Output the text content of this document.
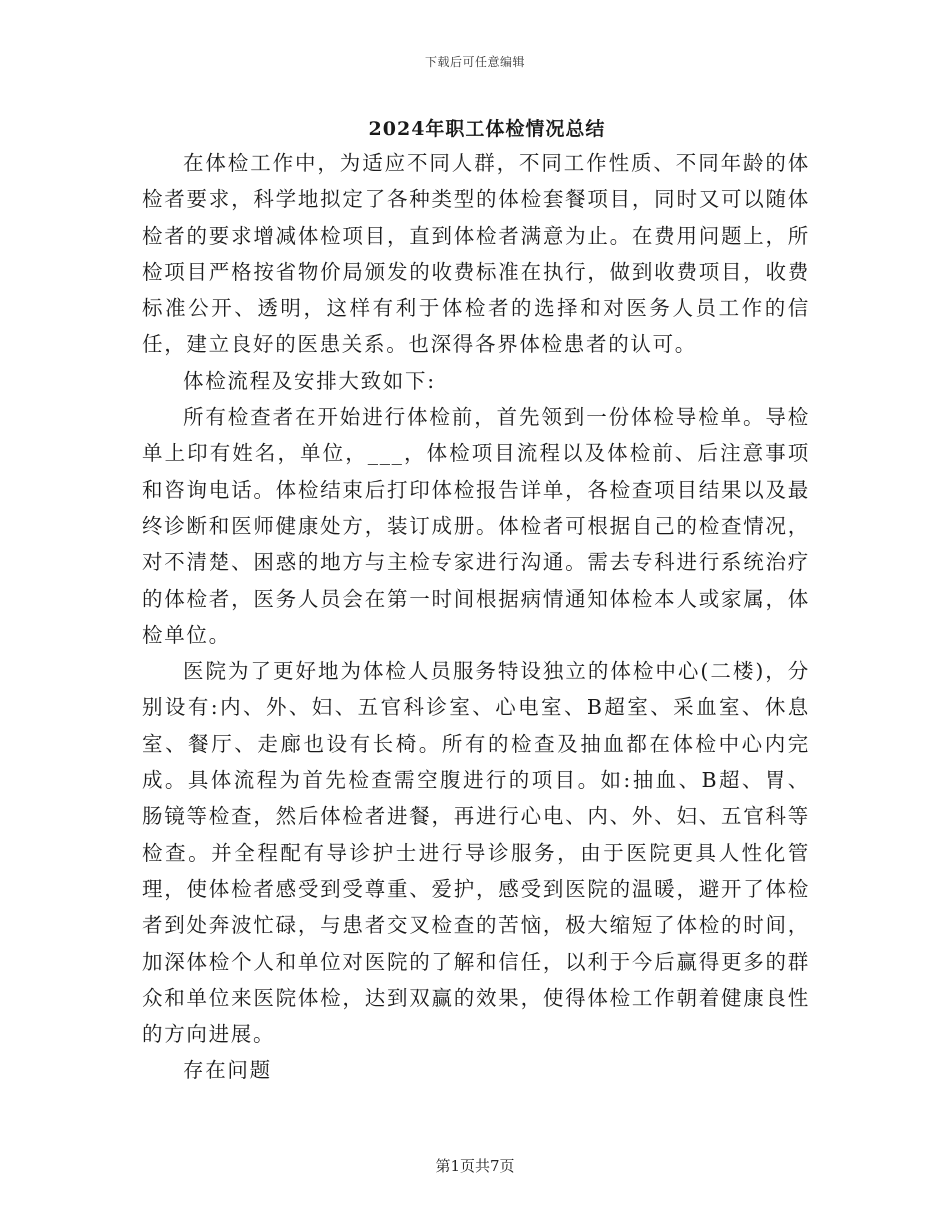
下载后可任意编辑
2024年职工体检情况总结

在体检工作中，为适应不同人群，不同工作性质、不同年龄的体检者要求，科学地拟定了各种类型的体检套餐项目，同时又可以随体检者的要求增减体检项目，直到体检者满意为止。在费用问题上，所检项目严格按省物价局颁发的收费标准在执行，做到收费项目，收费标准公开、透明，这样有利于体检者的选择和对医务人员工作的信任，建立良好的医患关系。也深得各界体检患者的认可。

体检流程及安排大致如下:

所有检查者在开始进行体检前，首先领到一份体检导检单。导检单上印有姓名，单位，___，体检项目流程以及体检前、后注意事项和咨询电话。体检结束后打印体检报告详单，各检查项目结果以及最终诊断和医师健康处方，装订成册。体检者可根据自己的检查情况，对不清楚、困惑的地方与主检专家进行沟通。需去专科进行系统治疗的体检者，医务人员会在第一时间根据病情通知体检本人或家属，体检单位。

医院为了更好地为体检人员服务特设独立的体检中心(二楼)，分别设有:内、外、妇、五官科诊室、心电室、B超室、采血室、休息室、餐厅、走廊也设有长椅。所有的检查及抽血都在体检中心内完成。具体流程为首先检查需空腹进行的项目。如:抽血、B超、胃、肠镜等检查，然后体检者进餐，再进行心电、内、外、妇、五官科等检查。并全程配有导诊护士进行导诊服务，由于医院更具人性化管理，使体检者感受到受尊重、爱护，感受到医院的温暖，避开了体检者到处奔波忙碌，与患者交叉检查的苦恼，极大缩短了体检的时间，加深体检个人和单位对医院的了解和信任，以利于今后赢得更多的群众和单位来医院体检，达到双赢的效果，使得体检工作朝着健康良性的方向进展。

存在问题

第1页共7页
